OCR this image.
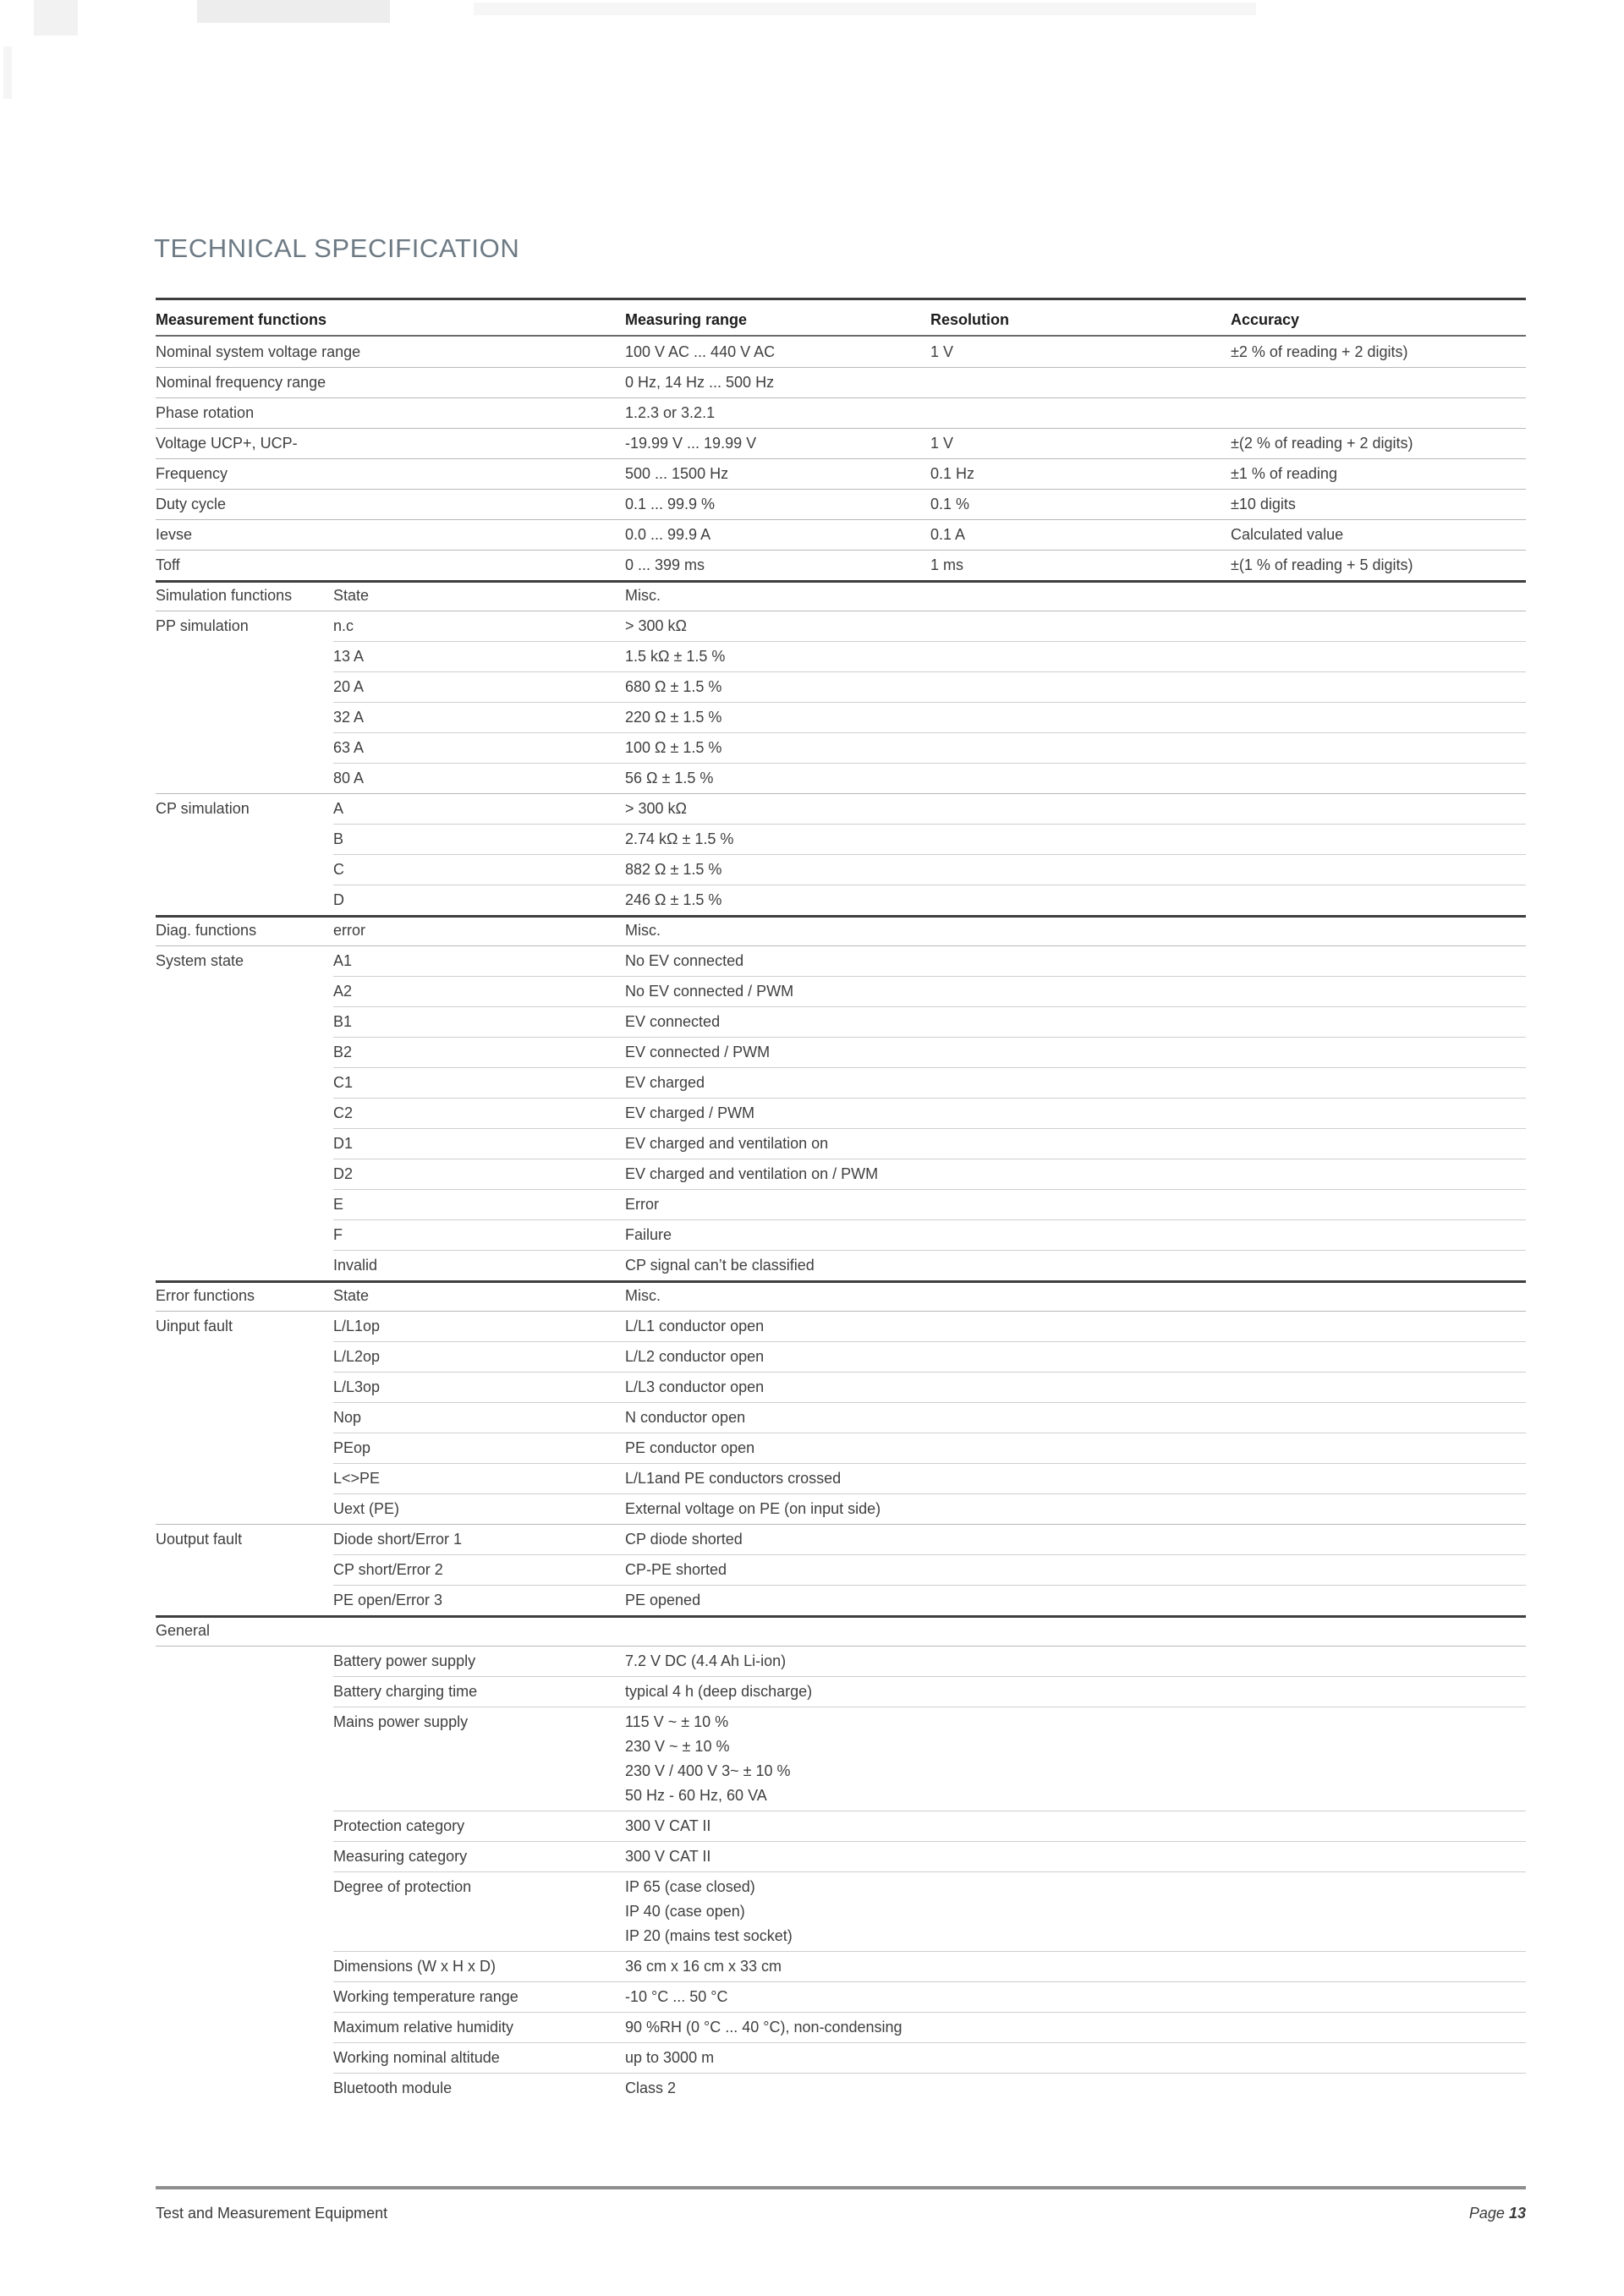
TECHNICAL SPECIFICATION
Measurement functions	Measuring range	Resolution	Accuracy
Nominal system voltage range	100 V AC ... 440 V AC	1 V	±2 % of reading + 2 digits)
Nominal frequency range	0 Hz, 14 Hz ... 500 Hz
Phase rotation	1.2.3 or 3.2.1
Voltage UCP+, UCP-	-19.99 V ... 19.99 V	1 V	±(2 % of reading + 2 digits)
Frequency	500 ... 1500 Hz	0.1 Hz	±1 % of reading
Duty cycle	0.1 ... 99.9 %	0.1 %	±10 digits
Ievse	0.0 ... 99.9 A	0.1 A	Calculated value
Toff	0 ... 399 ms	1 ms	±(1 % of reading + 5 digits)
Simulation functions	State	Misc.
PP simulation	n.c	> 300 kΩ
13 A	1.5 kΩ ± 1.5 %
20 A	680 Ω ± 1.5 %
32 A	220 Ω ± 1.5 %
63 A	100 Ω ± 1.5 %
80 A	56 Ω ± 1.5 %
CP simulation	A	> 300 kΩ
B	2.74 kΩ ± 1.5 %
C	882 Ω ± 1.5 %
D	246 Ω ± 1.5 %
Diag. functions	error	Misc.
System state	A1	No EV connected
A2	No EV connected / PWM
B1	EV connected
B2	EV connected / PWM
C1	EV charged
C2	EV charged / PWM
D1	EV charged and ventilation on
D2	EV charged and ventilation on / PWM
E	Error
F	Failure
Invalid	CP signal can’t be classified
Error functions	State	Misc.
Uinput fault	L/L1op	L/L1 conductor open
L/L2op	L/L2 conductor open
L/L3op	L/L3 conductor open
Nop	N conductor open
PEop	PE conductor open
L<>PE	L/L1and PE conductors crossed
Uext (PE)	External voltage on PE (on input side)
Uoutput fault	Diode short/Error 1	CP diode shorted
CP short/Error 2	CP-PE shorted
PE open/Error 3	PE opened
General
Battery power supply	7.2 V DC (4.4 Ah Li-ion)
Battery charging time	typical 4 h (deep discharge)
Mains power supply	115 V ~ ± 10 %
230 V ~ ± 10 %
230 V / 400 V 3~ ± 10 %
50 Hz - 60 Hz, 60 VA
Protection category	300 V CAT II
Measuring category	300 V CAT II
Degree of protection	IP 65 (case closed)
IP 40 (case open)
IP 20 (mains test socket)
Dimensions (W x H x D)	36 cm x 16 cm x 33 cm
Working temperature range	-10 °C ... 50 °C
Maximum relative humidity	90 %RH (0 °C ... 40 °C), non-condensing
Working nominal altitude	up to 3000 m
Bluetooth module	Class 2
Test and Measurement Equipment	Page 13
